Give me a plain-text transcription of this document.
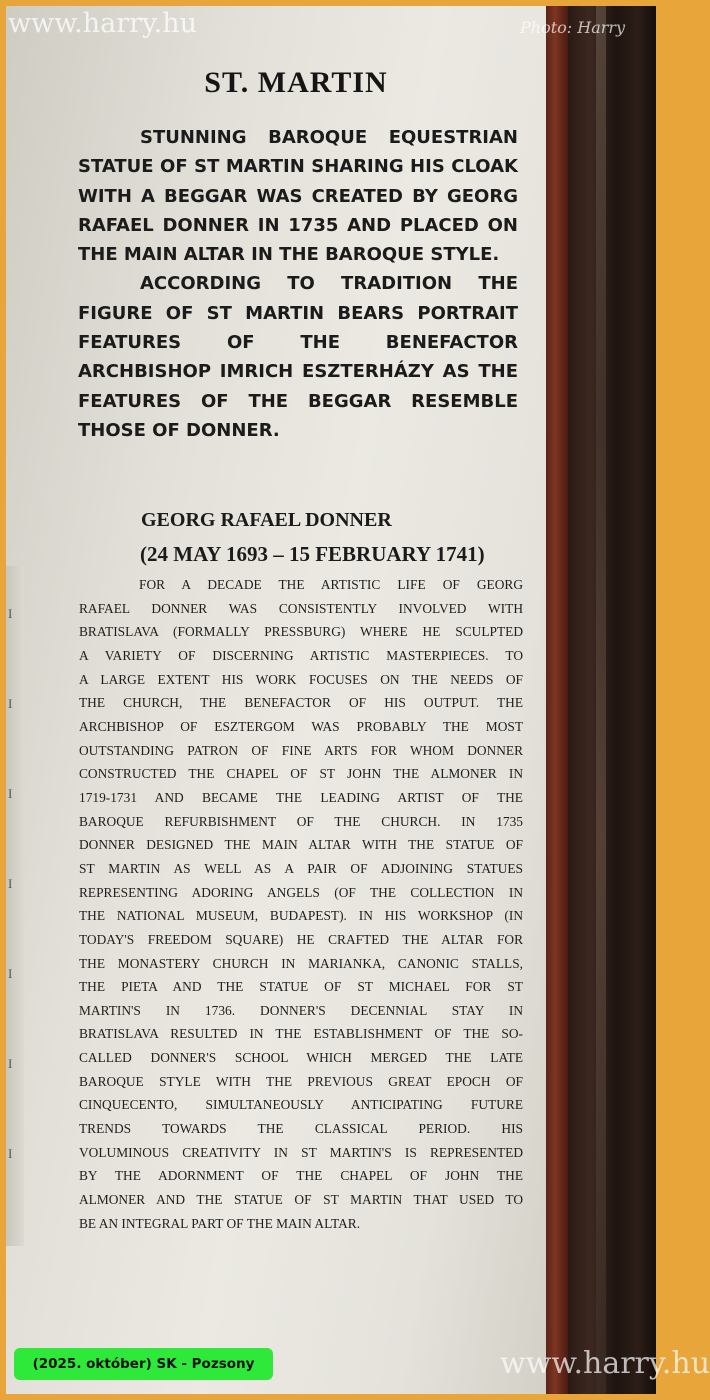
I
I
I
I
I
I
I
ST. MARTIN
STUNNING BAROQUE EQUESTRIAN
STATUE OF ST MARTIN SHARING HIS CLOAK
WITH A BEGGAR WAS CREATED BY GEORG
RAFAEL DONNER IN 1735 AND PLACED ON
THE MAIN ALTAR IN THE BAROQUE STYLE.
ACCORDING TO TRADITION THE
FIGURE OF ST MARTIN BEARS PORTRAIT
FEATURES OF THE BENEFACTOR
ARCHBISHOP IMRICH ESZTERHÁZY AS THE
FEATURES OF THE BEGGAR RESEMBLE
THOSE OF DONNER.
GEORG RAFAEL DONNER
(24 MAY 1693 – 15 FEBRUARY 1741)
FOR A DECADE THE ARTISTIC LIFE OF GEORG
RAFAEL DONNER WAS CONSISTENTLY INVOLVED WITH
BRATISLAVA (FORMALLY PRESSBURG) WHERE HE SCULPTED
A VARIETY OF DISCERNING ARTISTIC MASTERPIECES. TO
A LARGE EXTENT HIS WORK FOCUSES ON THE NEEDS OF
THE CHURCH, THE BENEFACTOR OF HIS OUTPUT. THE
ARCHBISHOP OF ESZTERGOM WAS PROBABLY THE MOST
OUTSTANDING PATRON OF FINE ARTS FOR WHOM DONNER
CONSTRUCTED THE CHAPEL OF ST JOHN THE ALMONER IN
1719-1731 AND BECAME THE LEADING ARTIST OF THE
BAROQUE REFURBISHMENT OF THE CHURCH. IN 1735
DONNER DESIGNED THE MAIN ALTAR WITH THE STATUE OF
ST MARTIN AS WELL AS A PAIR OF ADJOINING STATUES
REPRESENTING ADORING ANGELS (OF THE COLLECTION IN
THE NATIONAL MUSEUM, BUDAPEST). IN HIS WORKSHOP (IN
TODAY'S FREEDOM SQUARE) HE CRAFTED THE ALTAR FOR
THE MONASTERY CHURCH IN MARIANKA, CANONIC STALLS,
THE PIETA AND THE STATUE OF ST MICHAEL FOR ST
MARTIN'S IN 1736. DONNER'S DECENNIAL STAY IN
BRATISLAVA RESULTED IN THE ESTABLISHMENT OF THE SO-
CALLED DONNER'S SCHOOL WHICH MERGED THE LATE
BAROQUE STYLE WITH THE PREVIOUS GREAT EPOCH OF
CINQUECENTO, SIMULTANEOUSLY ANTICIPATING FUTURE
TRENDS TOWARDS THE CLASSICAL PERIOD. HIS
VOLUMINOUS CREATIVITY IN ST MARTIN'S IS REPRESENTED
BY THE ADORNMENT OF THE CHAPEL OF JOHN THE
ALMONER AND THE STATUE OF ST MARTIN THAT USED TO
BE AN INTEGRAL PART OF THE MAIN ALTAR.
www.harry.hu	Photo: Harry
www.harry.hu
(2025. október) SK - Pozsony
